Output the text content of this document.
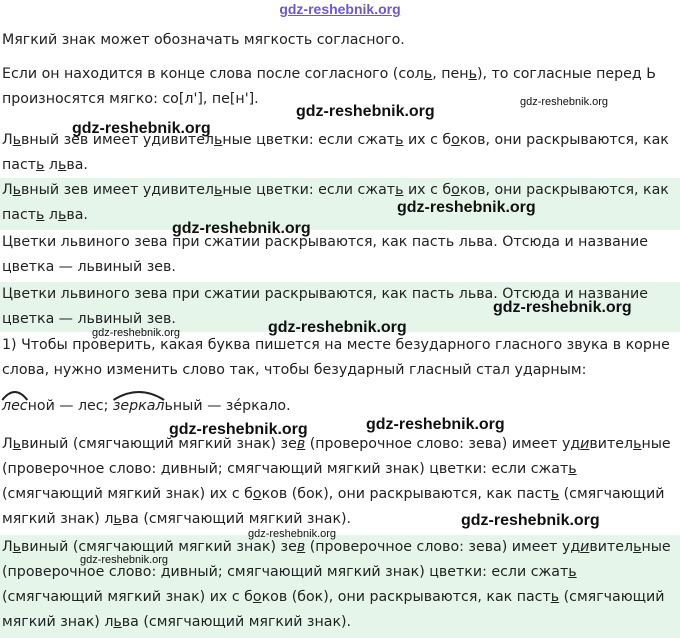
gdz-reshebnik.org
Мягкий знак может обозначать мягкость согласного.
Если он находится в конце слова после согласного (соль, пень), то согласные перед Ь
произносятся мягко: со[л'], пе[н'].
Львный зев имеет удивительные цветки: если сжать их с боков, они раскрываются, как
пасть льва.
Львный зев имеет удивительные цветки: если сжать их с боков, они раскрываются, как
пасть льва.
Цветки львиного зева при сжатии раскрываются, как пасть льва. Отсюда и название
цветка — львиный зев.
Цветки львиного зева при сжатии раскрываются, как пасть льва. Отсюда и название
цветка — львиный зев.
1) Чтобы проверить, какая буква пишется на месте безударного гласного звука в корне
слова, нужно изменить слово так, чтобы безударный гласный стал ударным:
лесной — лес;
зеркальный — зеркало.
Львиный (смягчающий мягкий знак) зев (проверочное слово: зева) имеет удивительные
(проверочное слово: дивный; смягчающий мягкий знак) цветки: если сжать
(смягчающий мягкий знак) их с боков (бок), они раскрываются, как пасть (смягчающий
мягкий знак) льва (смягчающий мягкий знак).
Львиный (смягчающий мягкий знак) зев (проверочное слово: зева) имеет удивительные
(проверочное слово: дивный; смягчающий мягкий знак) цветки: если сжать
(смягчающий мягкий знак) их с боков (бок), они раскрываются, как пасть (смягчающий
мягкий знак) льва (смягчающий мягкий знак).
gdz-reshebnik.org
gdz-reshebnik.org
gdz-reshebnik.org
gdz-reshebnik.org
gdz-reshebnik.org
gdz-reshebnik.org
gdz-reshebnik.org
gdz-reshebnik.org
gdz-reshebnik.org
gdz-reshebnik.org
gdz-reshebnik.org
gdz-reshebnik.org
gdz-reshebnik.org
